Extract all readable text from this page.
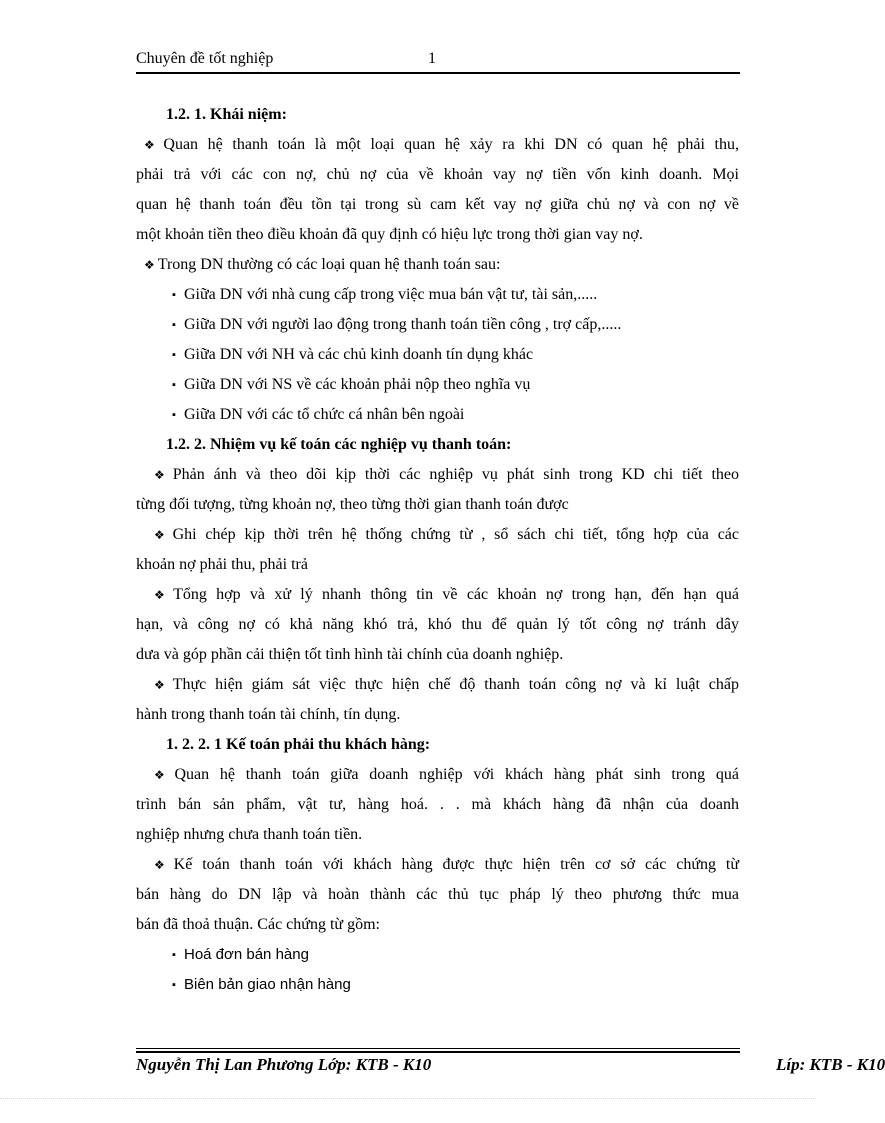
Chuyên đề tốt nghiệp	1
1.2. 1. Khái niệm:
❖ Quan hệ thanh toán là một loại quan hệ xảy ra khi DN có quan hệ phải thu,
phải trả với các con nợ, chủ nợ của về khoản vay nợ tiền vốn kinh doanh. Mọi
quan hệ thanh toán đều tồn tại trong sù cam kết vay nợ giữa chủ nợ và con nợ về
một khoản tiền theo điều khoản đã quy định có hiệu lực trong thời gian vay nợ.
❖ Trong DN thường có các loại quan hệ thanh toán sau:
▪ Giữa DN với nhà cung cấp trong việc mua bán vật tư, tài sản,.....
▪ Giữa DN với người lao động trong thanh toán tiền công , trợ cấp,.....
▪ Giữa DN với NH và các chủ kinh doanh tín dụng khác
▪ Giữa DN với NS về các khoản phải nộp theo nghĩa vụ
▪ Giữa DN với các tổ chức cá nhân bên ngoài
1.2. 2. Nhiệm vụ kế toán các nghiệp vụ thanh toán:
❖ Phản ánh và theo dõi kịp thời các nghiệp vụ phát sinh trong KD chi tiết theo
từng đối tượng, từng khoản nợ, theo từng thời gian thanh toán được
❖ Ghi chép kịp thời trên hệ thống chứng từ , sổ sách chi tiết, tổng hợp của các
khoản nợ phải thu, phải trả
❖ Tổng hợp và xử lý nhanh thông tin về các khoản nợ trong hạn, đến hạn quá
hạn, và công nợ có khả năng khó trả, khó thu để quản lý tốt công nợ tránh dây
dưa và góp phần cải thiện tốt tình hình tài chính của doanh nghiệp.
❖ Thực hiện giám sát việc thực hiện chế độ thanh toán công nợ và kỉ luật chấp
hành trong thanh toán tài chính, tín dụng.
1. 2. 2. 1 Kế toán phải thu khách hàng:
❖ Quan hệ thanh toán giữa doanh nghiệp với khách hàng phát sinh trong quá
trình bán sản phẩm, vật tư, hàng hoá. . . mà khách hàng đã nhận của doanh
nghiệp nhưng chưa thanh toán tiền.
❖ Kế toán thanh toán với khách hàng được thực hiện trên cơ sở các chứng từ
bán hàng do DN lập và hoàn thành các thủ tục pháp lý theo phương thức mua
bán đã thoả thuận. Các chứng từ gồm:
▪ Hoá đơn bán hàng
▪ Biên bản giao nhận hàng
Nguyễn Thị Lan Phương Lớp: KTB - K10	Líp: KTB - K10
